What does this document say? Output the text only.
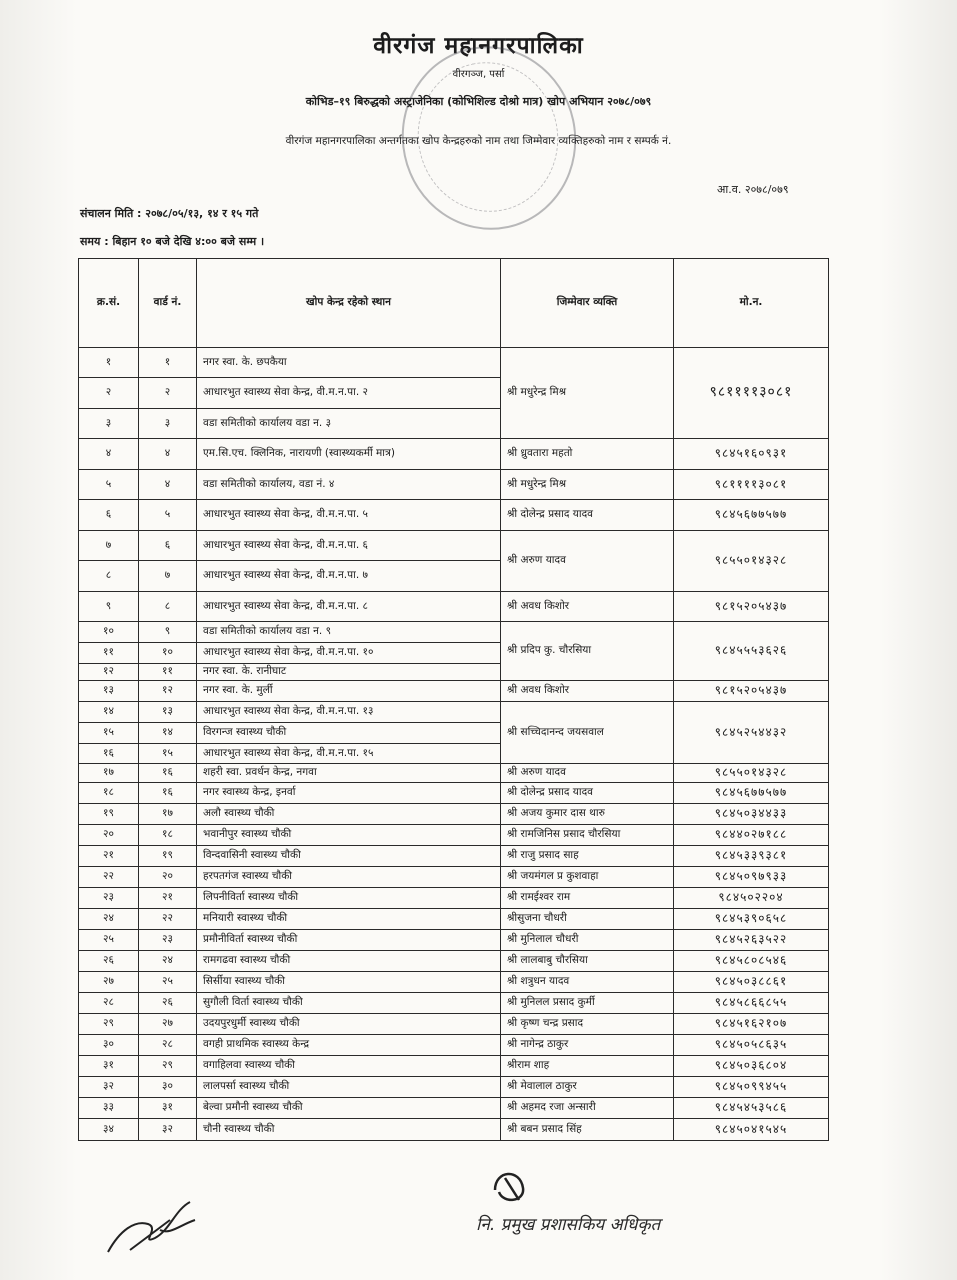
वीरगंज महानगरपालिका
वीरगञ्ज, पर्सा
कोभिड–१९ बिरुद्धको अस्ट्राजेनिका (कोभिशिल्ड दोश्रो मात्र) खोप अभियान २०७८/०७९
वीरगंज महानगरपालिका अन्तर्गतका खोप केन्द्रहरुको नाम तथा जिम्मेवार व्यक्तिहरुको नाम र सम्पर्क नं.
आ.व. २०७८/०७९
संचालन मिति : २०७८/०५/१३, १४ र १५ गते
समय : बिहान १० बजे देखि ४:०० बजे सम्म ।
क्र.सं.	वार्ड नं.	खोप केन्द्र रहेको स्थान	जिम्मेवार व्यक्ति	मो.न.
१	१	नगर स्वा. के. छपकैया	श्री मधुरेन्द्र मिश्र	९८११११३०८१
२	२	आधारभुत स्वास्थ्य सेवा केन्द्र, वी.म.न.पा. २		
३	३	वडा समितीको कार्यालय वडा न. ३		
४	४	एम.सि.एच. क्लिनिक, नारायणी (स्वास्थ्यकर्मी मात्र)	श्री ध्रुवतारा महतो	९८४५१६०९३१
५	४	वडा समितीको कार्यालय, वडा नं. ४	श्री मधुरेन्द्र मिश्र	९८११११३०८१
६	५	आधारभुत स्वास्थ्य सेवा केन्द्र, वी.म.न.पा. ५	श्री दोलेन्द्र प्रसाद यादव	९८४५६७७५७७
७	६	आधारभुत स्वास्थ्य सेवा केन्द्र, वी.म.न.पा. ६	श्री अरुण यादव	९८५५०१४३२८
८	७	आधारभुत स्वास्थ्य सेवा केन्द्र, वी.म.न.पा. ७		
९	८	आधारभुत स्वास्थ्य सेवा केन्द्र, वी.म.न.पा. ८	श्री अवध किशोर	९८१५२०५४३७
१०	९	वडा समितीको कार्यालय वडा न. ९	श्री प्रदिप कु. चौरसिया	९८४५५५३६२६
११	१०	आधारभुत स्वास्थ्य सेवा केन्द्र, वी.म.न.पा. १०		
१२	११	नगर स्वा. के. रानीघाट		
१३	१२	नगर स्वा. के. मुर्ली	श्री अवध किशोर	९८१५२०५४३७
१४	१३	आधारभुत स्वास्थ्य सेवा केन्द्र, वी.म.न.पा. १३	श्री सच्चिदानन्द जयसवाल	९८४५२५४४३२
१५	१४	विरगन्ज स्वास्थ्य चौकी		
१६	१५	आधारभुत स्वास्थ्य सेवा केन्द्र, वी.म.न.पा. १५		
१७	१६	शहरी स्वा. प्रवर्धन केन्द्र, नगवा	श्री अरुण यादव	९८५५०१४३२८
१८	१६	नगर स्वास्थ्य केन्द्र, इनर्वा	श्री दोलेन्द्र प्रसाद यादव	९८४५६७७५७७
१९	१७	अलौ स्वास्थ्य चौकी	श्री अजय कुमार दास थारु	९८४५०३४४३३
२०	१८	भवानीपुर स्वास्थ्य चौकी	श्री रामजिनिस प्रसाद चौरसिया	९८४४०२७१८८
२१	१९	विन्दवासिनी स्वास्थ्य चौकी	श्री राजु प्रसाद साह	९८४५३३९३८१
२२	२०	हरपतगंज स्वास्थ्य चौकी	श्री जयमंगल प्र कुशवाहा	९८४५०९७९३३
२३	२१	लिपनीविर्ता स्वास्थ्य चौकी	श्री रामईश्वर राम	९८४५०२२०४
२४	२२	मनियारी स्वास्थ्य चौकी	श्रीसुजना चौधरी	९८४५३९०६५८
२५	२३	प्रमौनीविर्ता स्वास्थ्य चौकी	श्री मुनिलाल चौधरी	९८४५२६३५२२
२६	२४	रामगढवा स्वास्थ्य चौकी	श्री लालबाबु चौरसिया	९८४५८०८५४६
२७	२५	सिर्सीया स्वास्थ्य चौकी	श्री शत्रुधन यादव	९८४५०३८८६१
२८	२६	सुगौली विर्ता स्वास्थ्य चौकी	श्री मुनिलल प्रसाद कुर्मी	९८४५८६६८५५
२९	२७	उदयपुरधुर्मी स्वास्थ्य चौकी	श्री कृष्ण चन्द्र प्रसाद	९८४५१६२१०७
३०	२८	वगही प्राथमिक स्वास्थ्य केन्द्र	श्री नागेन्द्र ठाकुर	९८४५०५८६३५
३१	२९	वगाहिलवा स्वास्थ्य चौकी	श्रीराम शाह	९८४५०३६८०४
३२	३०	लालपर्सा स्वास्थ्य चौकी	श्री मेवालाल ठाकुर	९८४५०९९४५५
३३	३१	बेल्वा प्रमौनी स्वास्थ्य चौकी	श्री अहमद रजा अन्सारी	९८४५४५३५८६
३४	३२	चौनी स्वास्थ्य चौकी	श्री बबन प्रसाद सिंह	९८४५०४१५४५
नि. प्रमुख प्रशासकिय अधिकृत
